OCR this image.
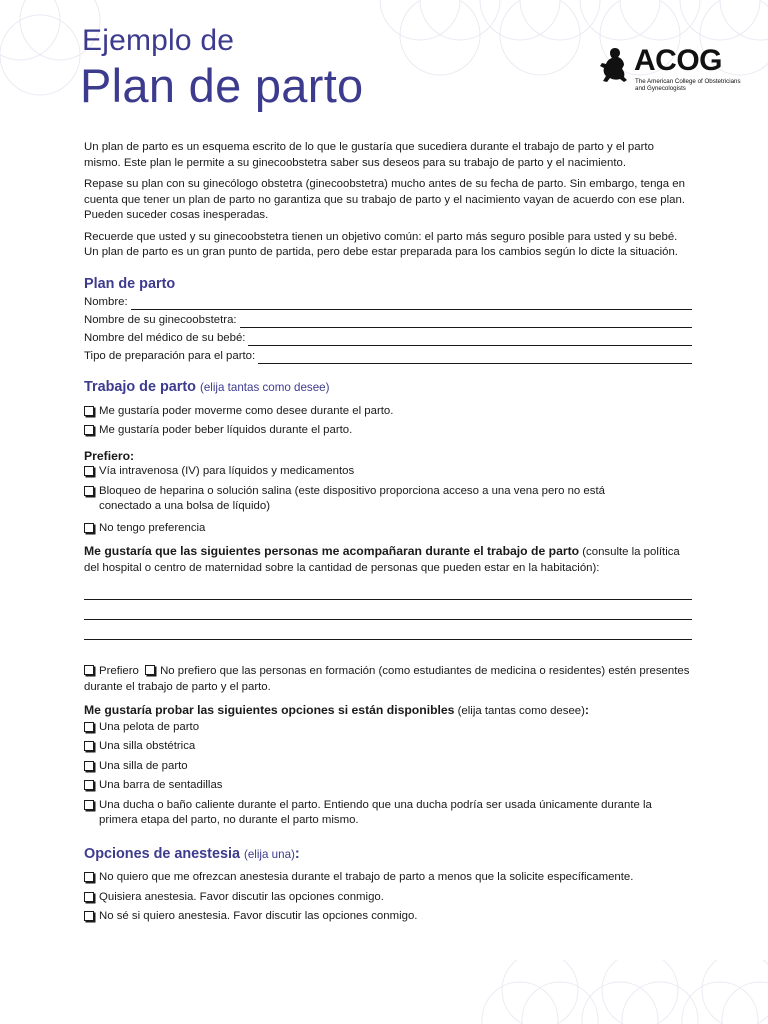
Ejemplo de
Plan de parto	ACOG
The American College of Obstetricians and Gynecologists

Un plan de parto es un esquema escrito de lo que le gustaría que sucediera durante el trabajo de parto y el parto mismo. Este plan le permite a su ginecoobstetra saber sus deseos para su trabajo de parto y el nacimiento.

Repase su plan con su ginecólogo obstetra (ginecoobstetra) mucho antes de su fecha de parto. Sin embargo, tenga en cuenta que tener un plan de parto no garantiza que su trabajo de parto y el nacimiento vayan de acuerdo con ese plan. Pueden suceder cosas inesperadas.

Recuerde que usted y su ginecoobstetra tienen un objetivo común: el parto más seguro posible para usted y su bebé. Un plan de parto es un gran punto de partida, pero debe estar preparada para los cambios según lo dicte la situación.

Plan de parto
Nombre:
Nombre de su ginecoobstetra:
Nombre del médico de su bebé:
Tipo de preparación para el parto:
Trabajo de parto (elija tantas como desee)
Me gustaría poder moverme como desee durante el parto.
Me gustaría poder beber líquidos durante el parto.
Prefiero:
Vía intravenosa (IV) para líquidos y medicamentos
Bloqueo de heparina o solución salina (este dispositivo proporciona acceso a una vena pero no está conectado a una bolsa de líquido)
No tengo preferencia
Me gustaría que las siguientes personas me acompañaran durante el trabajo de parto (consulte la política del hospital o centro de maternidad sobre la cantidad de personas que pueden estar en la habitación):
Prefiero No prefiero que las personas en formación (como estudiantes de medicina o residentes) estén presentes durante el trabajo de parto y el parto.
Me gustaría probar las siguientes opciones si están disponibles (elija tantas como desee):
Una pelota de parto
Una silla obstétrica
Una silla de parto
Una barra de sentadillas
Una ducha o baño caliente durante el parto. Entiendo que una ducha podría ser usada únicamente durante la primera etapa del parto, no durante el parto mismo.
Opciones de anestesia (elija una):
No quiero que me ofrezcan anestesia durante el trabajo de parto a menos que la solicite específicamente.
Quisiera anestesia. Favor discutir las opciones conmigo.
No sé si quiero anestesia. Favor discutir las opciones conmigo.
